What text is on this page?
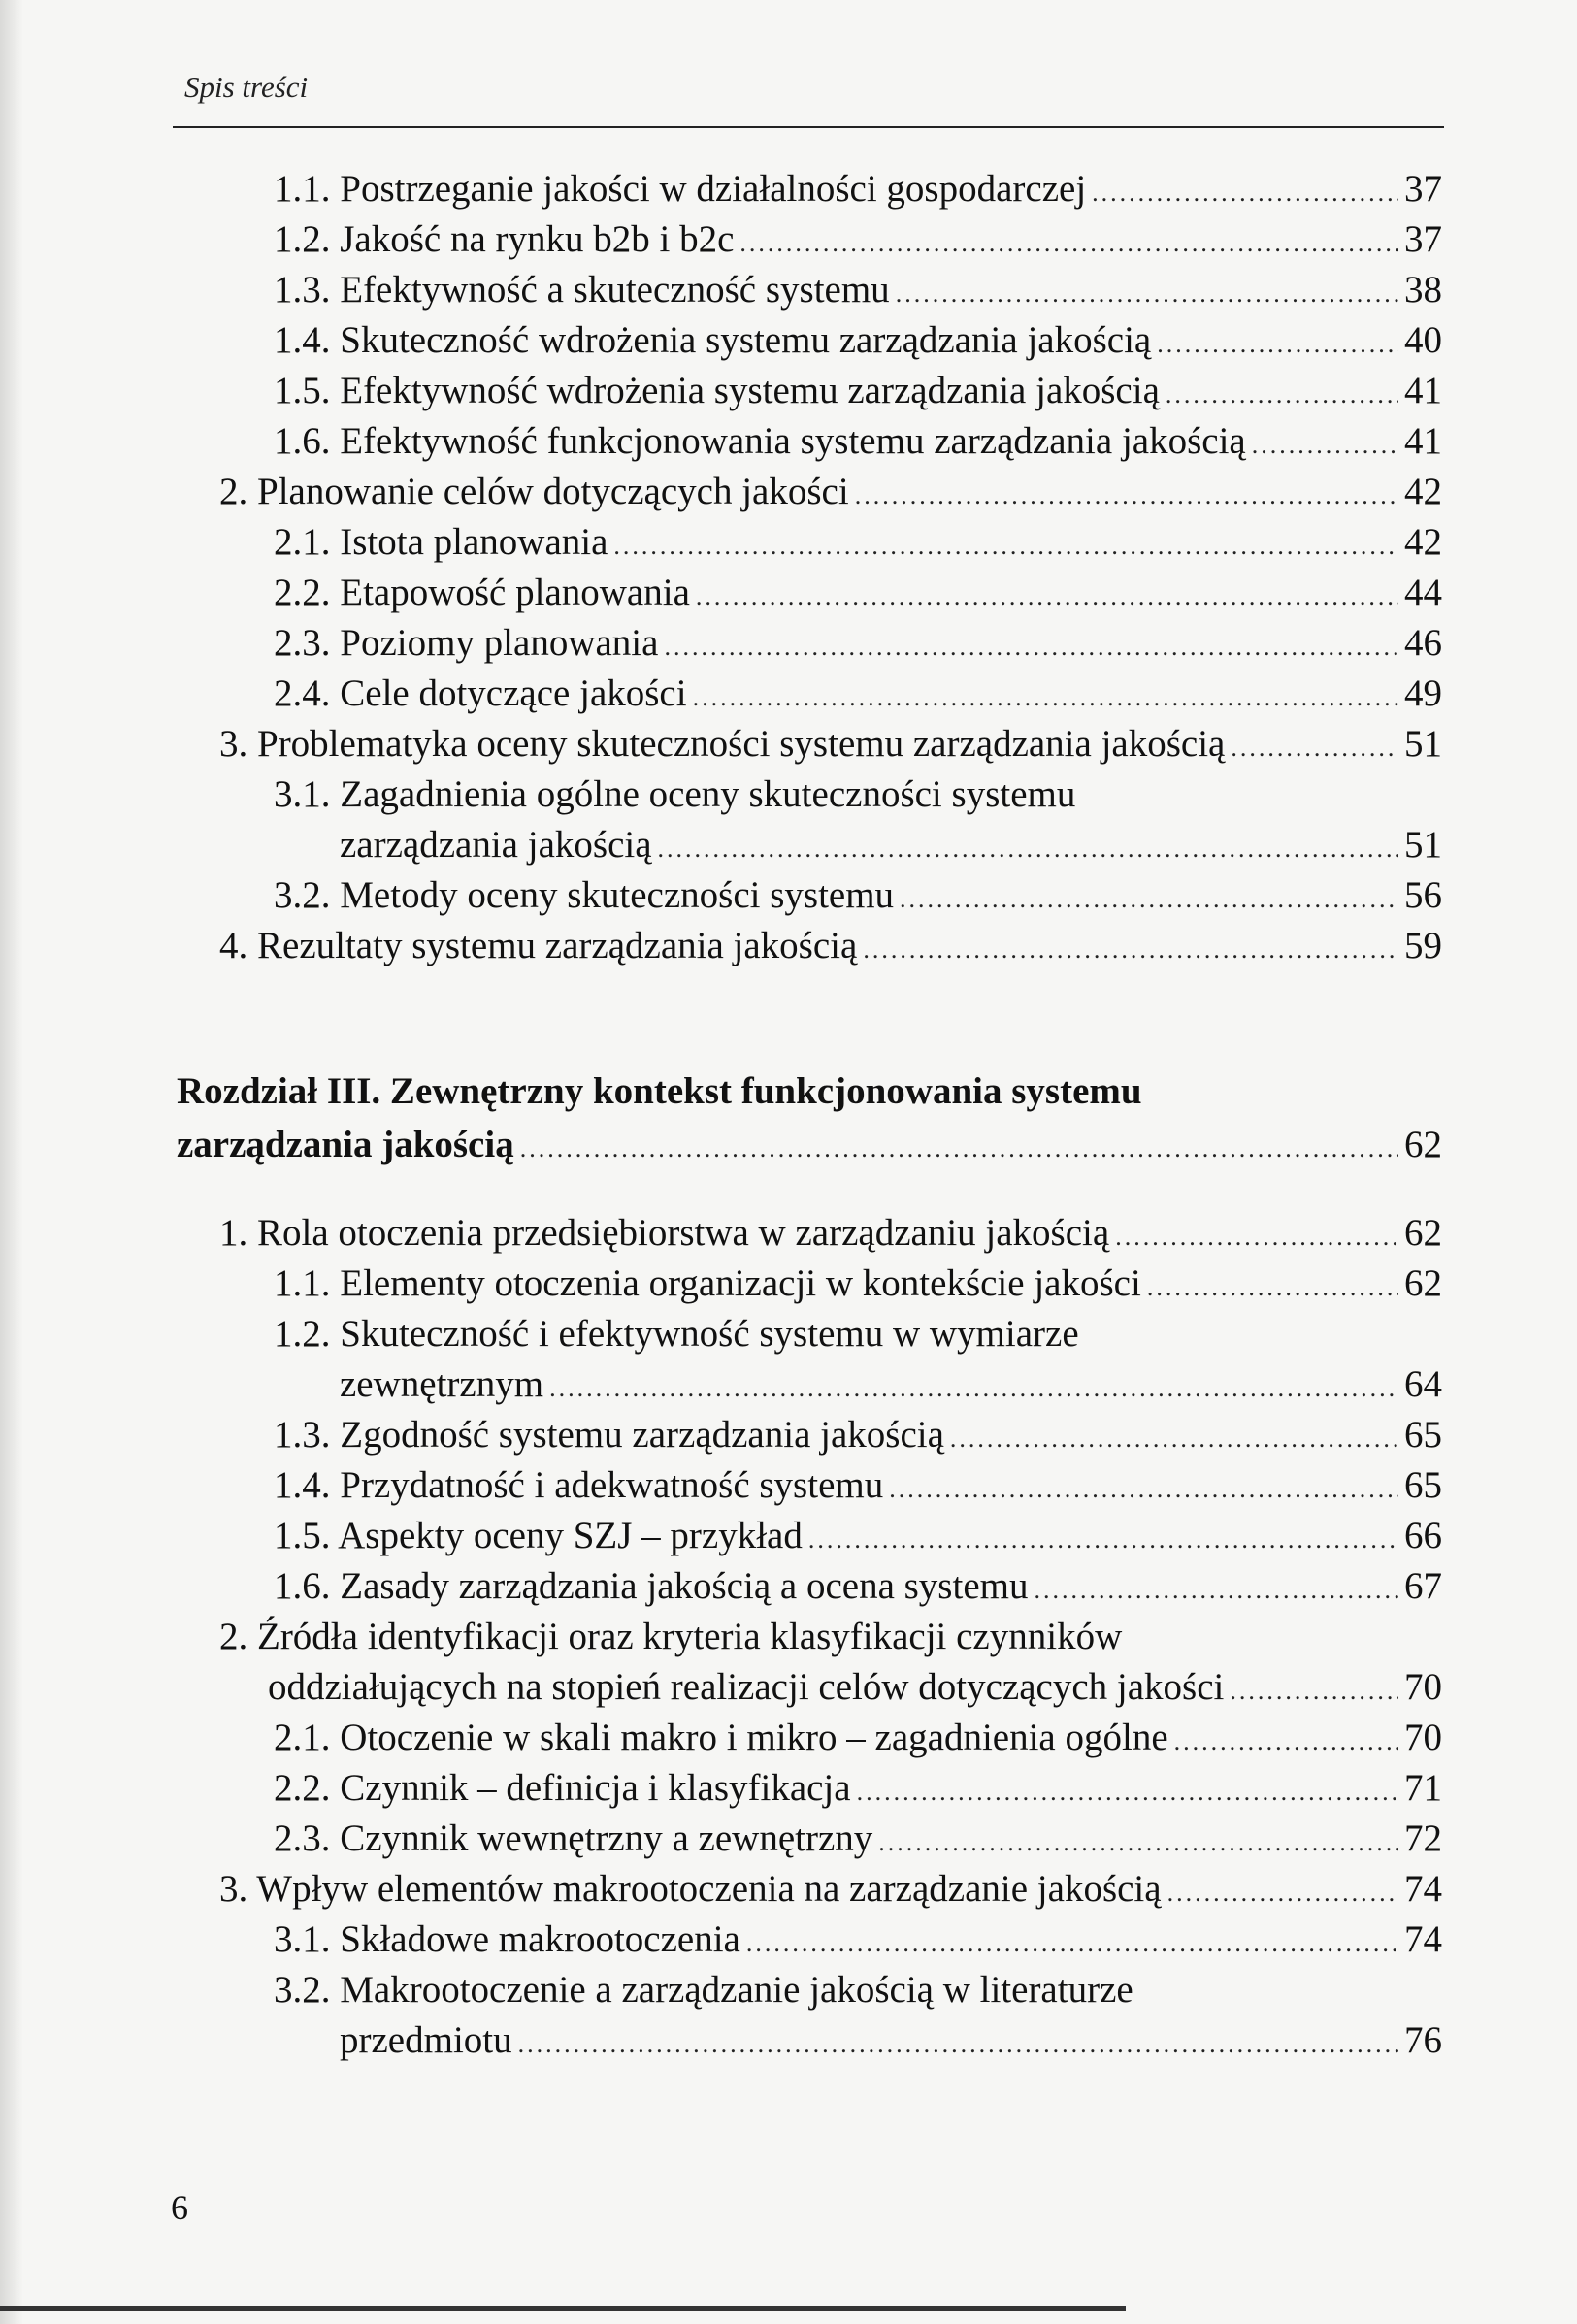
Spis treści
1.1. Postrzeganie jakości w działalności gospodarczej .....	37
1.2. Jakość na rynku b2b i b2c .....	37
1.3. Efektywność a skuteczność systemu .....	38
1.4. Skuteczność wdrożenia systemu zarządzania jakością .....	40
1.5. Efektywność wdrożenia systemu zarządzania jakością .....	41
1.6. Efektywność funkcjonowania systemu zarządzania jakością .....	41
2. Planowanie celów dotyczących jakości .....	42
2.1. Istota planowania .....	42
2.2. Etapowość planowania .....	44
2.3. Poziomy planowania .....	46
2.4. Cele dotyczące jakości .....	49
3. Problematyka oceny skuteczności systemu zarządzania jakością .....	51
3.1. Zagadnienia ogólne oceny skuteczności systemu
zarządzania jakością .....	51
3.2. Metody oceny skuteczności systemu .....	56
4. Rezultaty systemu zarządzania jakością .....	59
Rozdział III. Zewnętrzny kontekst funkcjonowania systemu
zarządzania jakością .....	62
1. Rola otoczenia przedsiębiorstwa w zarządzaniu jakością .....	62
1.1. Elementy otoczenia organizacji w kontekście jakości .....	62
1.2. Skuteczność i efektywność systemu w wymiarze
zewnętrznym .....	64
1.3. Zgodność systemu zarządzania jakością .....	65
1.4. Przydatność i adekwatność systemu .....	65
1.5. Aspekty oceny SZJ – przykład .....	66
1.6. Zasady zarządzania jakością a ocena systemu .....	67
2. Źródła identyfikacji oraz kryteria klasyfikacji czynników
oddziałujących na stopień realizacji celów dotyczących jakości .....	70
2.1. Otoczenie w skali makro i mikro – zagadnienia ogólne .....	70
2.2. Czynnik – definicja i klasyfikacja .....	71
2.3. Czynnik wewnętrzny a zewnętrzny .....	72
3. Wpływ elementów makrootoczenia na zarządzanie jakością .....	74
3.1. Składowe makrootoczenia .....	74
3.2. Makrootoczenie a zarządzanie jakością w literaturze
przedmiotu .....	76
6
